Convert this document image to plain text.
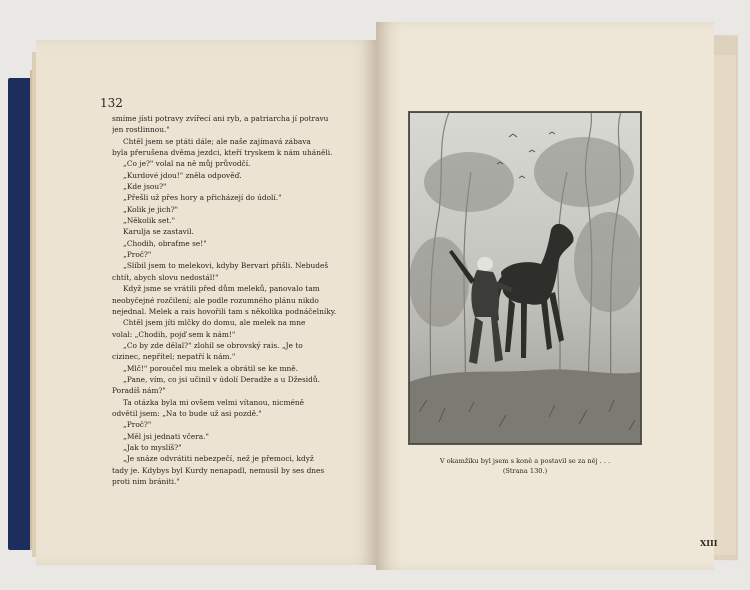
132
smíme jísti potravy zvířecí ani ryb, a patriarcha jí potravu
jen rostlinnou."
Chtěl jsem se ptáti dále; ale naše zajímavá zábava
byla přerušena dvěma jezdci, kteří tryskem k nám uháněli.
„Co je?" volal na ně můj průvodčí.
„Kurdové jdou!" zněla odpověď.
„Kde jsou?"
„Přešli už přes hory a přicházejí do údolí."
„Kolik je jich?"
„Několik set."
Karulja se zastavil.
„Chodih, obraťme se!"
„Proč?"
„Slíbil jsem to melekovi, kdyby Bervari přišli. Nebudeš
chtít, abych slovu nedostál!"
Když jsme se vrátili před dům meleků, panovalo tam
neobyčejné rozčilení; ale podle rozumného plánu nikdo
nejednal. Melek a rais hovořili tam s několika podnáčelníky.
Chtěl jsem jíti mlčky do domu, ale melek na mne
volal: „Chodih, pojď sem k nám!"
„Co by zde dělal?" zlohil se obrovský rais. „Je to
cizinec, nepřítel; nepatří k nám."
„Mlč!" poroučel mu melek a obrátil se ke mně.
„Pane, vím, co jsi učinil v údolí Deradže a u Džesidů.
Poradíš nám?"
Ta otázka byla mi ovšem velmi vítanou, nicméně
odvětil jsem: „Na to bude už asi pozdě."
„Proč?"
„Měl jsi jednati včera."
„Jak to myslíš?"
„Je snáze odvrátiti nebezpečí, než je přemoci, když
tady je. Kdybys byl Kurdy nenapadl, nemusil by ses dnes
proti nim brániti."
V okamžiku byl jsem s koně a postavil se za něj . . .
(Strana 130.)
XIII
